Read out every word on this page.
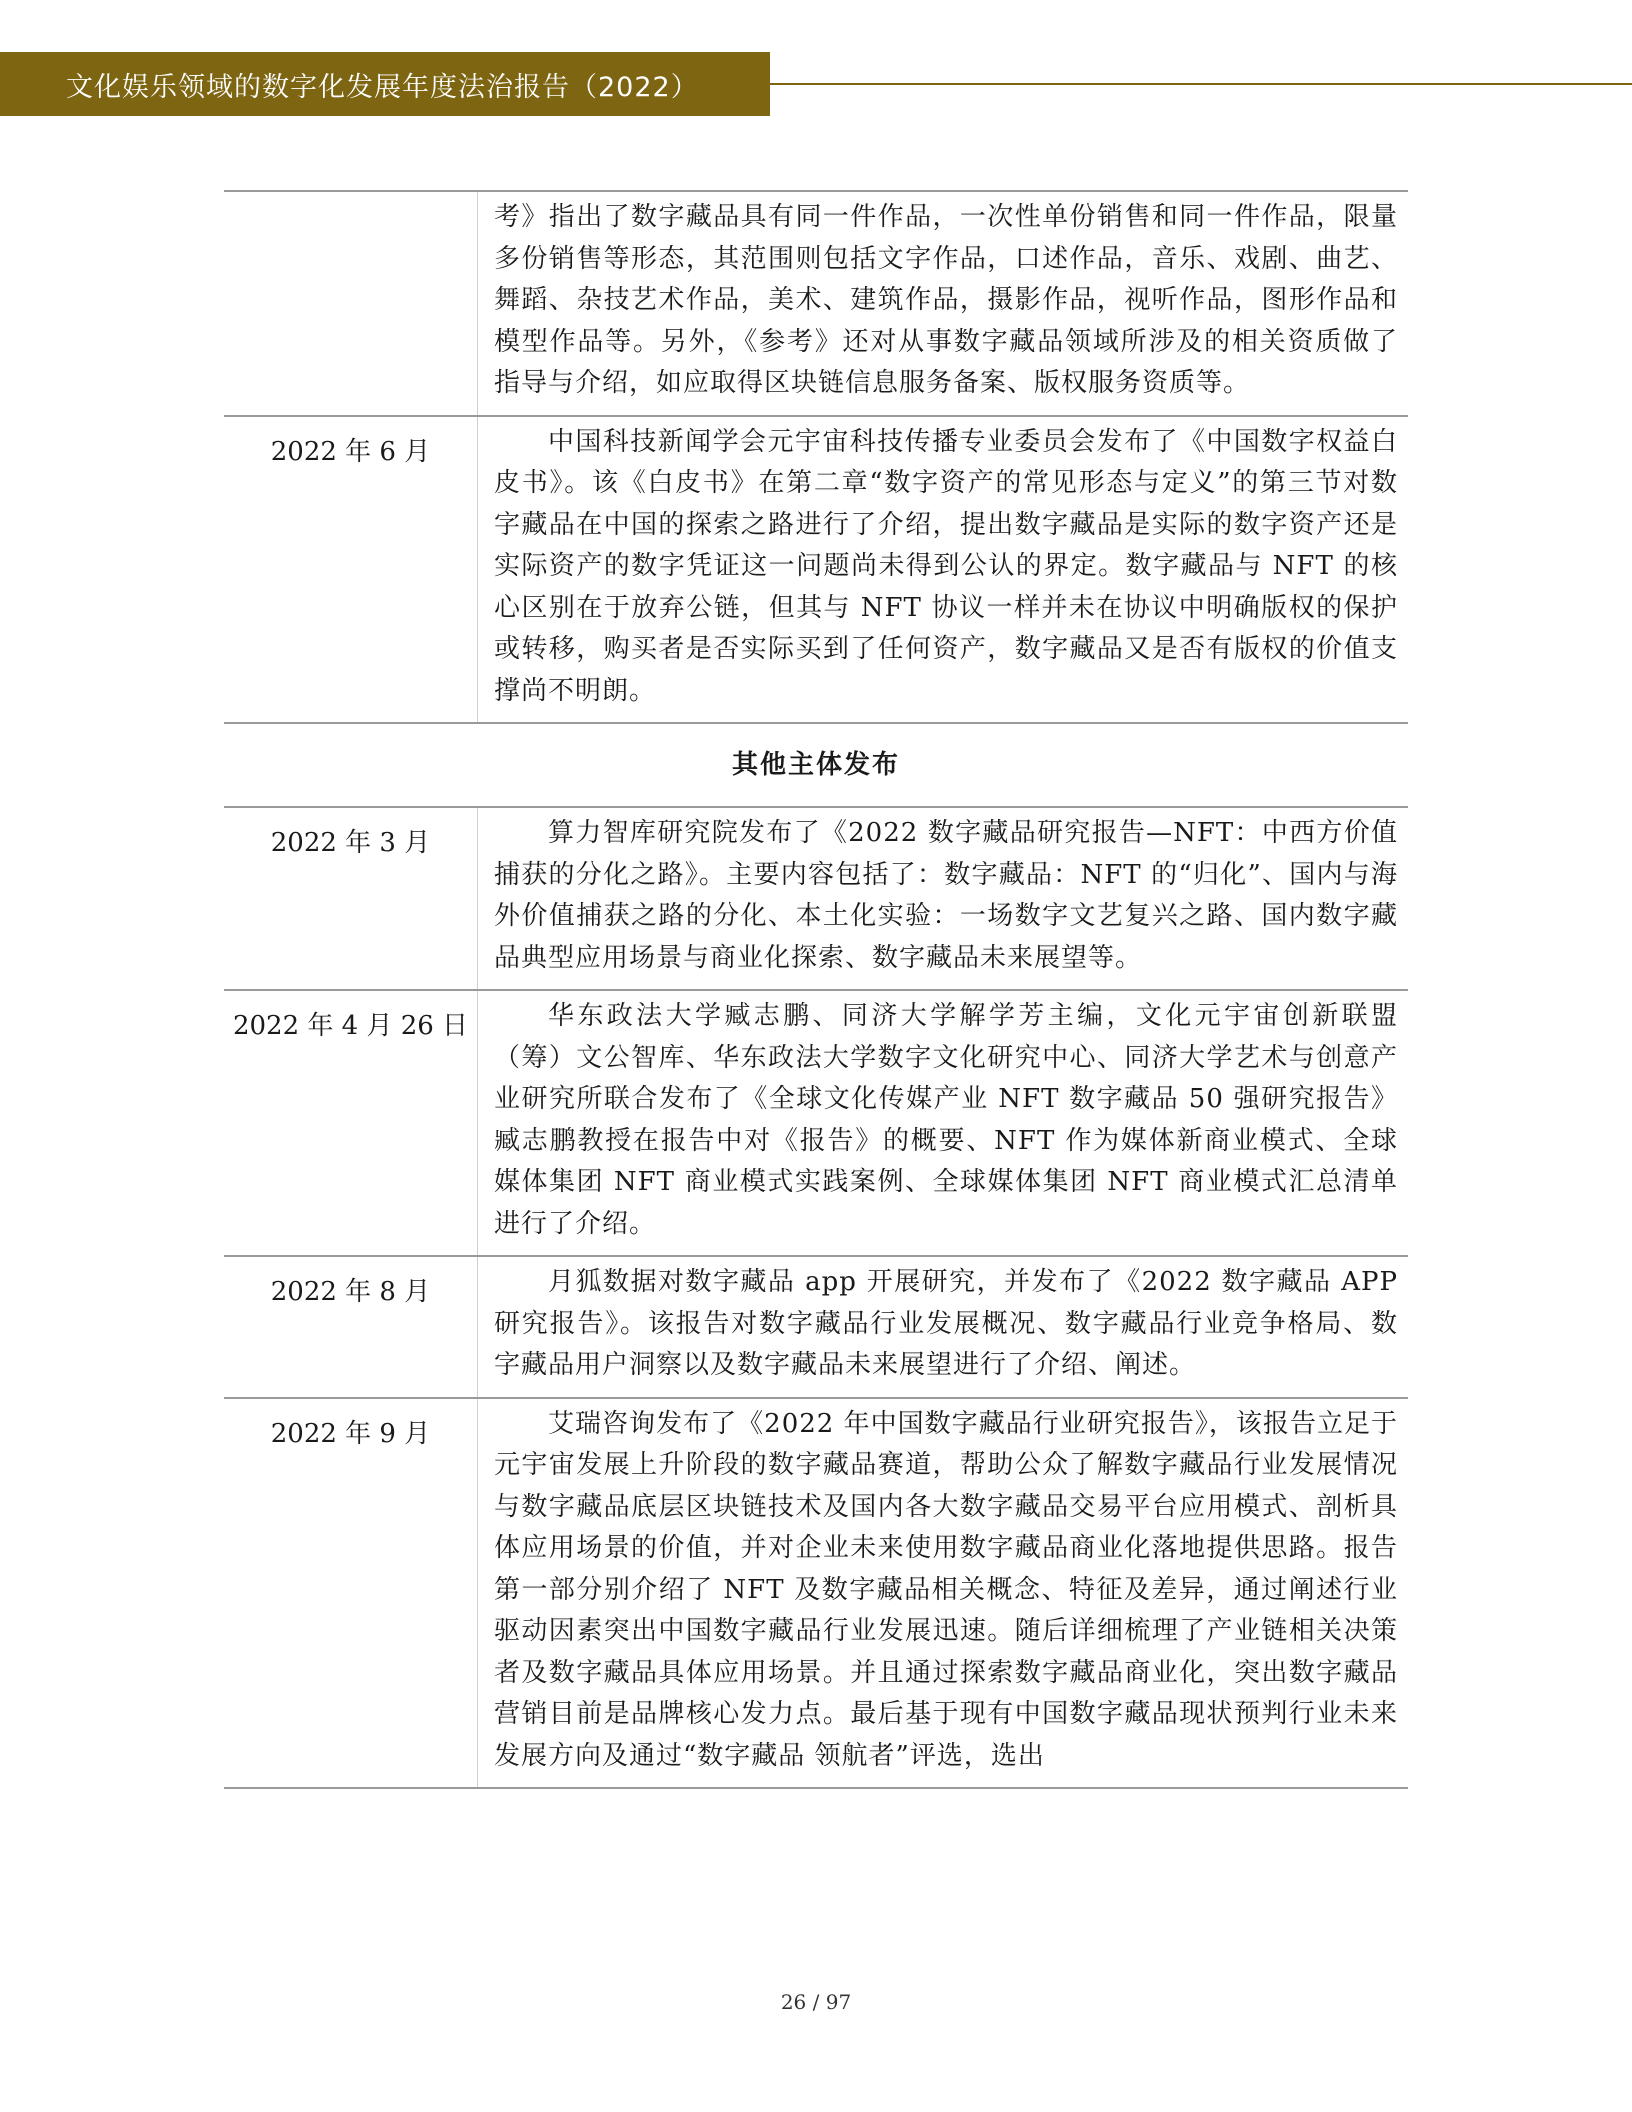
文化娱乐领域的数字化发展年度法治报告（2022）
考》指出了数字藏品具有同一件作品，一次性单份销售和同一件作品，限量多份销售等形态，其范围则包括文字作品，口述作品，音乐、戏剧、曲艺、舞蹈、杂技艺术作品，美术、建筑作品，摄影作品，视听作品，图形作品和模型作品等。另外，《参考》还对从事数字藏品领域所涉及的相关资质做了指导与介绍，如应取得区块链信息服务备案、版权服务资质等。
2022 年 6 月	中国科技新闻学会元宇宙科技传播专业委员会发布了《中国数字权益白皮书》。该《白皮书》在第二章“数字资产的常见形态与定义”的第三节对数字藏品在中国的探索之路进行了介绍，提出数字藏品是实际的数字资产还是实际资产的数字凭证这一问题尚未得到公认的界定。数字藏品与 NFT 的核心区别在于放弃公链，但其与 NFT 协议一样并未在协议中明确版权的保护或转移，购买者是否实际买到了任何资产，数字藏品又是否有版权的价值支撑尚不明朗。
其他主体发布
2022 年 3 月	算力智库研究院发布了《2022 数字藏品研究报告—NFT：中西方价值捕获的分化之路》。主要内容包括了：数字藏品：NFT 的“归化”、国内与海外价值捕获之路的分化、本土化实验：一场数字文艺复兴之路、国内数字藏品典型应用场景与商业化探索、数字藏品未来展望等。
2022 年 4 月 26 日	华东政法大学臧志鹏、同济大学解学芳主编，文化元宇宙创新联盟（筹）文公智库、华东政法大学数字文化研究中心、同济大学艺术与创意产业研究所联合发布了《全球文化传媒产业 NFT 数字藏品 50 强研究报告》臧志鹏教授在报告中对《报告》的概要、NFT 作为媒体新商业模式、全球媒体集团 NFT 商业模式实践案例、全球媒体集团 NFT 商业模式汇总清单进行了介绍。
2022 年 8 月	月狐数据对数字藏品 app 开展研究，并发布了《2022 数字藏品 APP 研究报告》。该报告对数字藏品行业发展概况、数字藏品行业竞争格局、数字藏品用户洞察以及数字藏品未来展望进行了介绍、阐述。
2022 年 9 月	艾瑞咨询发布了《2022 年中国数字藏品行业研究报告》，该报告立足于元宇宙发展上升阶段的数字藏品赛道，帮助公众了解数字藏品行业发展情况与数字藏品底层区块链技术及国内各大数字藏品交易平台应用模式、剖析具体应用场景的价值，并对企业未来使用数字藏品商业化落地提供思路。报告第一部分别介绍了 NFT 及数字藏品相关概念、特征及差异，通过阐述行业驱动因素突出中国数字藏品行业发展迅速。随后详细梳理了产业链相关决策者及数字藏品具体应用场景。并且通过探索数字藏品商业化，突出数字藏品营销目前是品牌核心发力点。最后基于现有中国数字藏品现状预判行业未来发展方向及通过“数字藏品 领航者”评选，选出
26 / 97
